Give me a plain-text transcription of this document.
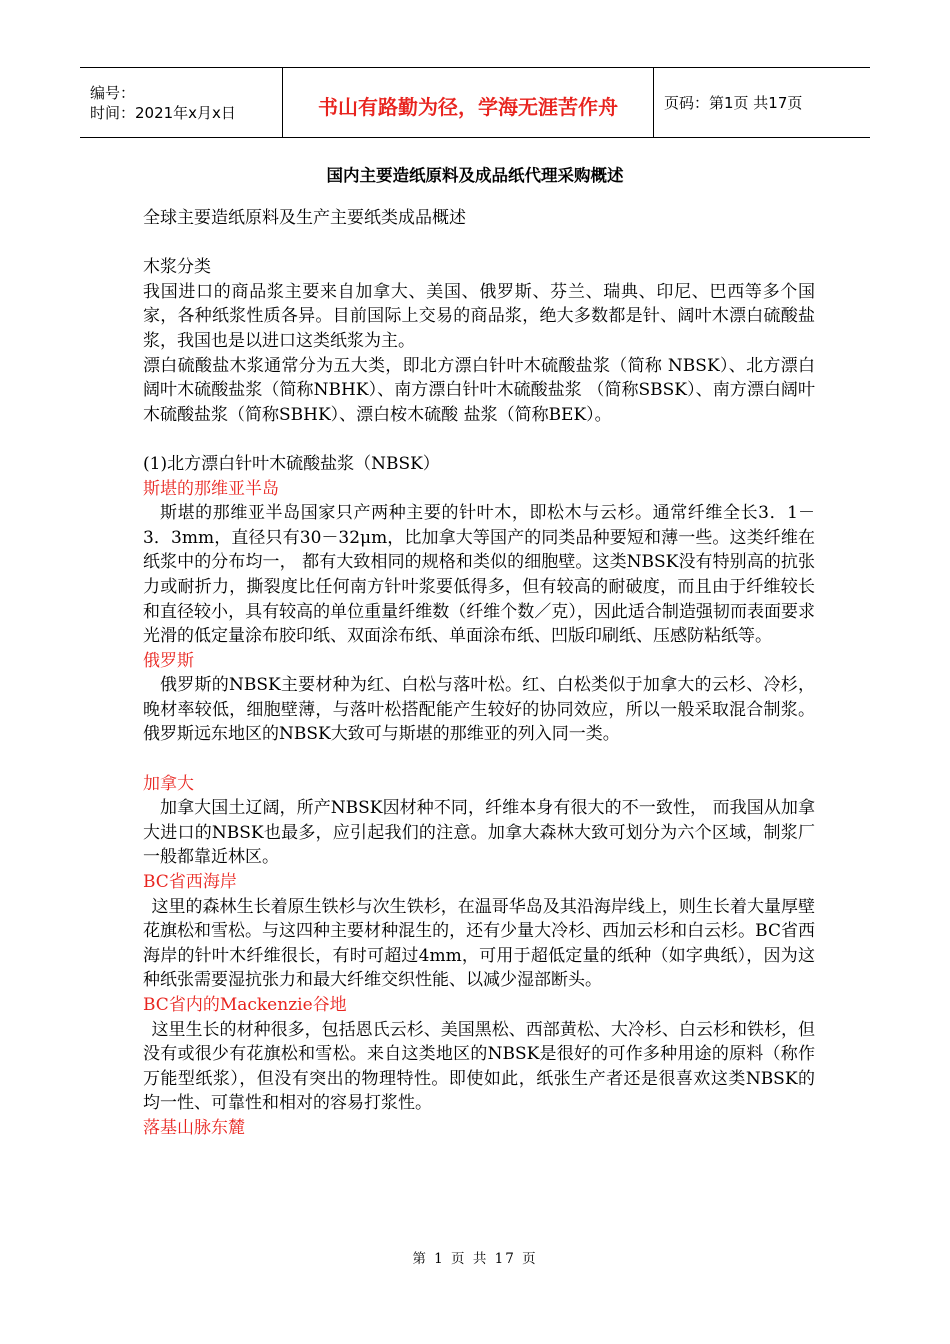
编号：
时间：2021年x月x日	书山有路勤为径，学海无涯苦作舟	页码：第1页 共17页
国内主要造纸原料及成品纸代理采购概述

全球主要造纸原料及生产主要纸类成品概述

木浆分类

我国进口的商品浆主要来自加拿大、美国、俄罗斯、芬兰、瑞典、印尼、巴西等多个国家，各种纸浆性质各异。目前国际上交易的商品浆，绝大多数都是针、阔叶木漂白硫酸盐浆，我国也是以进口这类纸浆为主。

漂白硫酸盐木浆通常分为五大类，即北方漂白针叶木硫酸盐浆（简称 NBSK）、北方漂白阔叶木硫酸盐浆（简称NBHK）、南方漂白针叶木硫酸盐浆 （简称SBSK）、南方漂白阔叶木硫酸盐浆（简称SBHK）、漂白桉木硫酸 盐浆（简称BEK）。

(1)北方漂白针叶木硫酸盐浆（NBSK）

斯堪的那维亚半岛

斯堪的那维亚半岛国家只产两种主要的针叶木，即松木与云杉。通常纤维全长3．1－3．3mm，直径只有30－32μm，比加拿大等国产的同类品种要短和薄一些。这类纤维在纸浆中的分布均一， 都有大致相同的规格和类似的细胞壁。这类NBSK没有特别高的抗张力或耐折力，撕裂度比任何南方针叶浆要低得多，但有较高的耐破度，而且由于纤维较长和直径较小，具有较高的单位重量纤维数（纤维个数／克），因此适合制造强韧而表面要求光滑的低定量涂布胶印纸、双面涂布纸、单面涂布纸、凹版印刷纸、压感防粘纸等。

俄罗斯

俄罗斯的NBSK主要材种为红、白松与落叶松。红、白松类似于加拿大的云杉、冷杉，晚材率较低，细胞壁薄，与落叶松搭配能产生较好的协同效应，所以一般采取混合制浆。俄罗斯远东地区的NBSK大致可与斯堪的那维亚的列入同一类。

加拿大

加拿大国土辽阔，所产NBSK因材种不同，纤维本身有很大的不一致性， 而我国从加拿大进口的NBSK也最多，应引起我们的注意。加拿大森林大致可划分为六个区域，制浆厂一般都靠近林区。

BC省西海岸

这里的森林生长着原生铁杉与次生铁杉，在温哥华岛及其沿海岸线上，则生长着大量厚壁花旗松和雪松。与这四种主要材种混生的，还有少量大冷杉、西加云杉和白云杉。BC省西海岸的针叶木纤维很长，有时可超过4mm，可用于超低定量的纸种（如字典纸），因为这种纸张需要湿抗张力和最大纤维交织性能、以减少湿部断头。

BC省内的Mackenzie谷地

这里生长的材种很多，包括恩氏云杉、美国黑松、西部黄松、大冷杉、白云杉和铁杉，但没有或很少有花旗松和雪松。来自这类地区的NBSK是很好的可作多种用途的原料（称作万能型纸浆），但没有突出的物理特性。即使如此，纸张生产者还是很喜欢这类NBSK的均一性、可靠性和相对的容易打浆性。

落基山脉东麓

第 1 页 共 17 页
